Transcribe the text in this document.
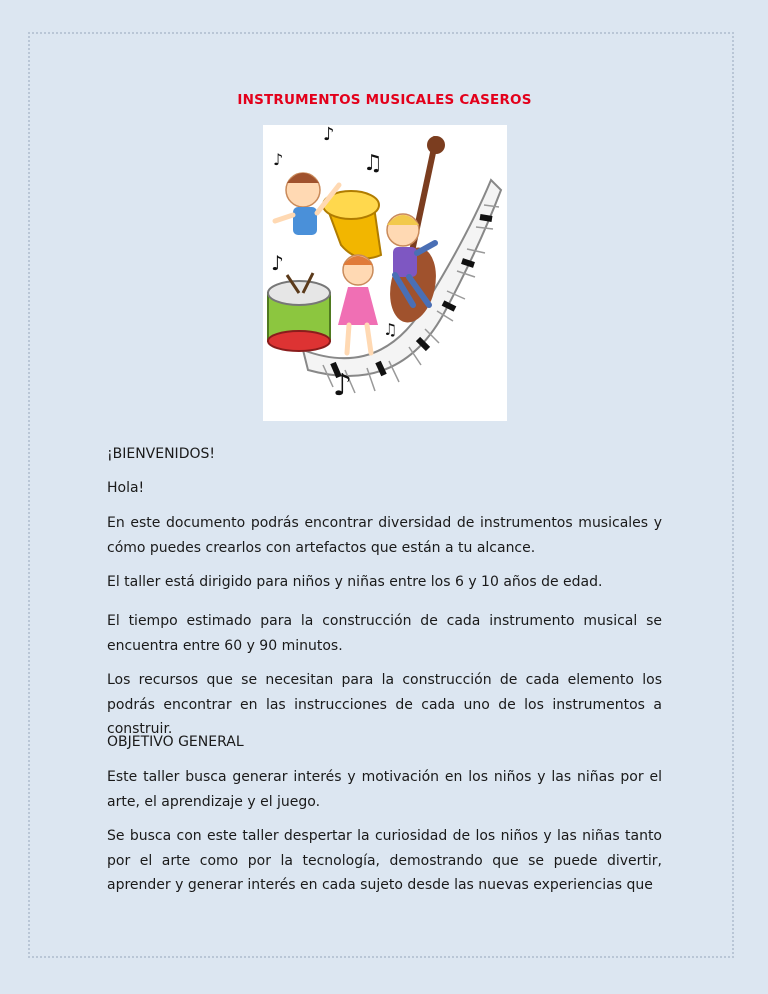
INSTRUMENTOS MUSICALES CASEROS
♪
♫
♪
♪
♪
♫
¡BIENVENIDOS!
Hola!
En este documento podrás encontrar diversidad de instrumentos musicales y cómo puedes crearlos con artefactos que están a tu alcance.
El taller está dirigido para niños y niñas entre los 6 y 10 años de edad.
El tiempo estimado para la construcción de cada instrumento musical se encuentra entre 60 y 90 minutos.
Los recursos que se necesitan para la construcción de cada elemento los podrás encontrar en las instrucciones de cada uno de los instrumentos a construir.
OBJETIVO GENERAL
Este taller busca generar interés y motivación en los niños y las niñas por el arte, el aprendizaje y el juego.
Se busca con este taller despertar la curiosidad de los niños y las niñas tanto por el arte como por la tecnología, demostrando que se puede divertir, aprender y generar interés en cada sujeto desde las nuevas experiencias que
